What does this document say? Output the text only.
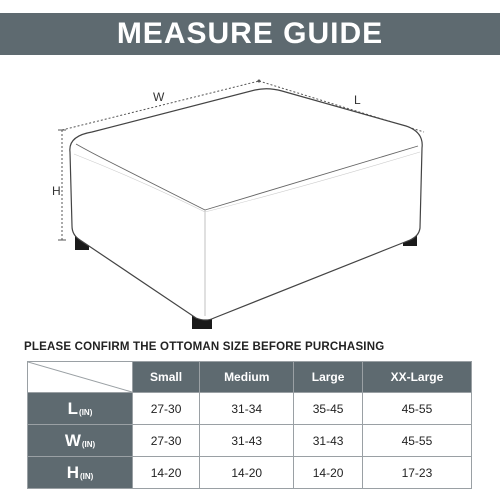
MEASURE GUIDE
W	L
H
PLEASE CONFIRM THE OTTOMAN SIZE BEFORE PURCHASING
	Small	Medium	Large	XX-Large
$L_{(IN)}$	27-30	31-34	35-45	45-55
$W_{(IN)}$	27-30	31-43	31-43	45-55
$H_{(IN)}$	14-20	14-20	14-20	17-23
